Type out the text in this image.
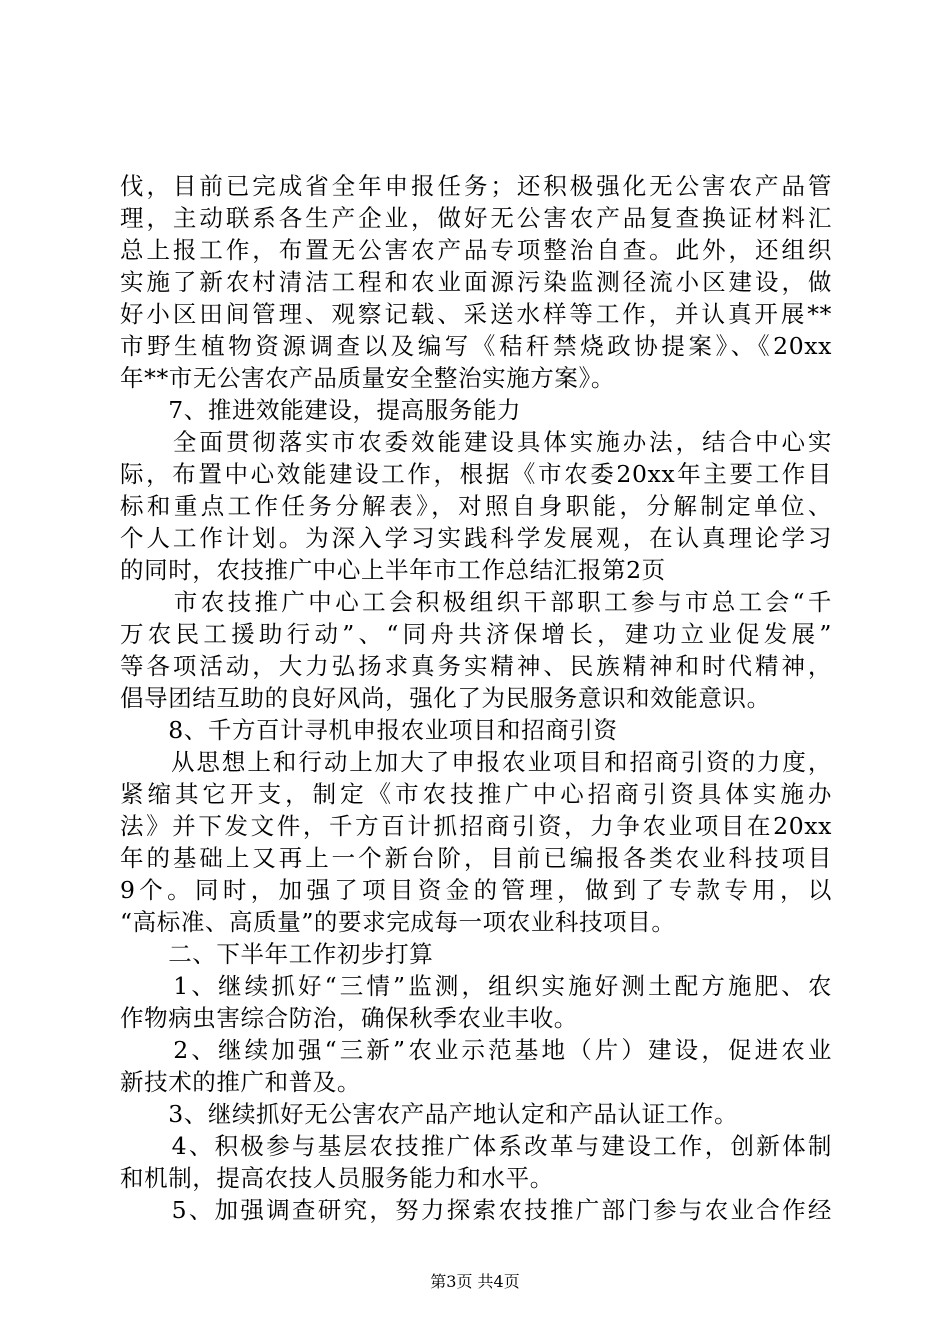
伐，目前已完成省全年申报任务；还积极强化无公害农产品管
理，主动联系各生产企业，做好无公害农产品复查换证材料汇
总上报工作，布置无公害农产品专项整治自查。此外，还组织
实施了新农村清洁工程和农业面源污染监测径流小区建设，做
好小区田间管理、观察记载、采送水样等工作，并认真开展**
市野生植物资源调查以及编写《秸秆禁烧政协提案》、《20xx
年**市无公害农产品质量安全整治实施方案》。
　　7、推进效能建设，提高服务能力
　　全面贯彻落实市农委效能建设具体实施办法，结合中心实
际，布置中心效能建设工作，根据《市农委20xx年主要工作目
标和重点工作任务分解表》，对照自身职能，分解制定单位、
个人工作计划。为深入学习实践科学发展观，在认真理论学习
的同时，农技推广中心上半年市工作总结汇报第2页
　　市农技推广中心工会积极组织干部职工参与市总工会“千
万农民工援助行动”、“同舟共济保增长，建功立业促发展”
等各项活动，大力弘扬求真务实精神、民族精神和时代精神，
倡导团结互助的良好风尚，强化了为民服务意识和效能意识。
　　8、千方百计寻机申报农业项目和招商引资
　　从思想上和行动上加大了申报农业项目和招商引资的力度，
紧缩其它开支，制定《市农技推广中心招商引资具体实施办
法》并下发文件，千方百计抓招商引资，力争农业项目在20xx
年的基础上又再上一个新台阶，目前已编报各类农业科技项目
9个。同时，加强了项目资金的管理，做到了专款专用，以
“高标准、高质量”的要求完成每一项农业科技项目。
　　二、下半年工作初步打算
　　1、继续抓好“三情”监测，组织实施好测土配方施肥、农
作物病虫害综合防治，确保秋季农业丰收。
　　2、继续加强“三新”农业示范基地（片）建设，促进农业
新技术的推广和普及。
　　3、继续抓好无公害农产品产地认定和产品认证工作。
　　4、积极参与基层农技推广体系改革与建设工作，创新体制
和机制，提高农技人员服务能力和水平。
　　5、加强调查研究，努力探索农技推广部门参与农业合作经
第3页 共4页
